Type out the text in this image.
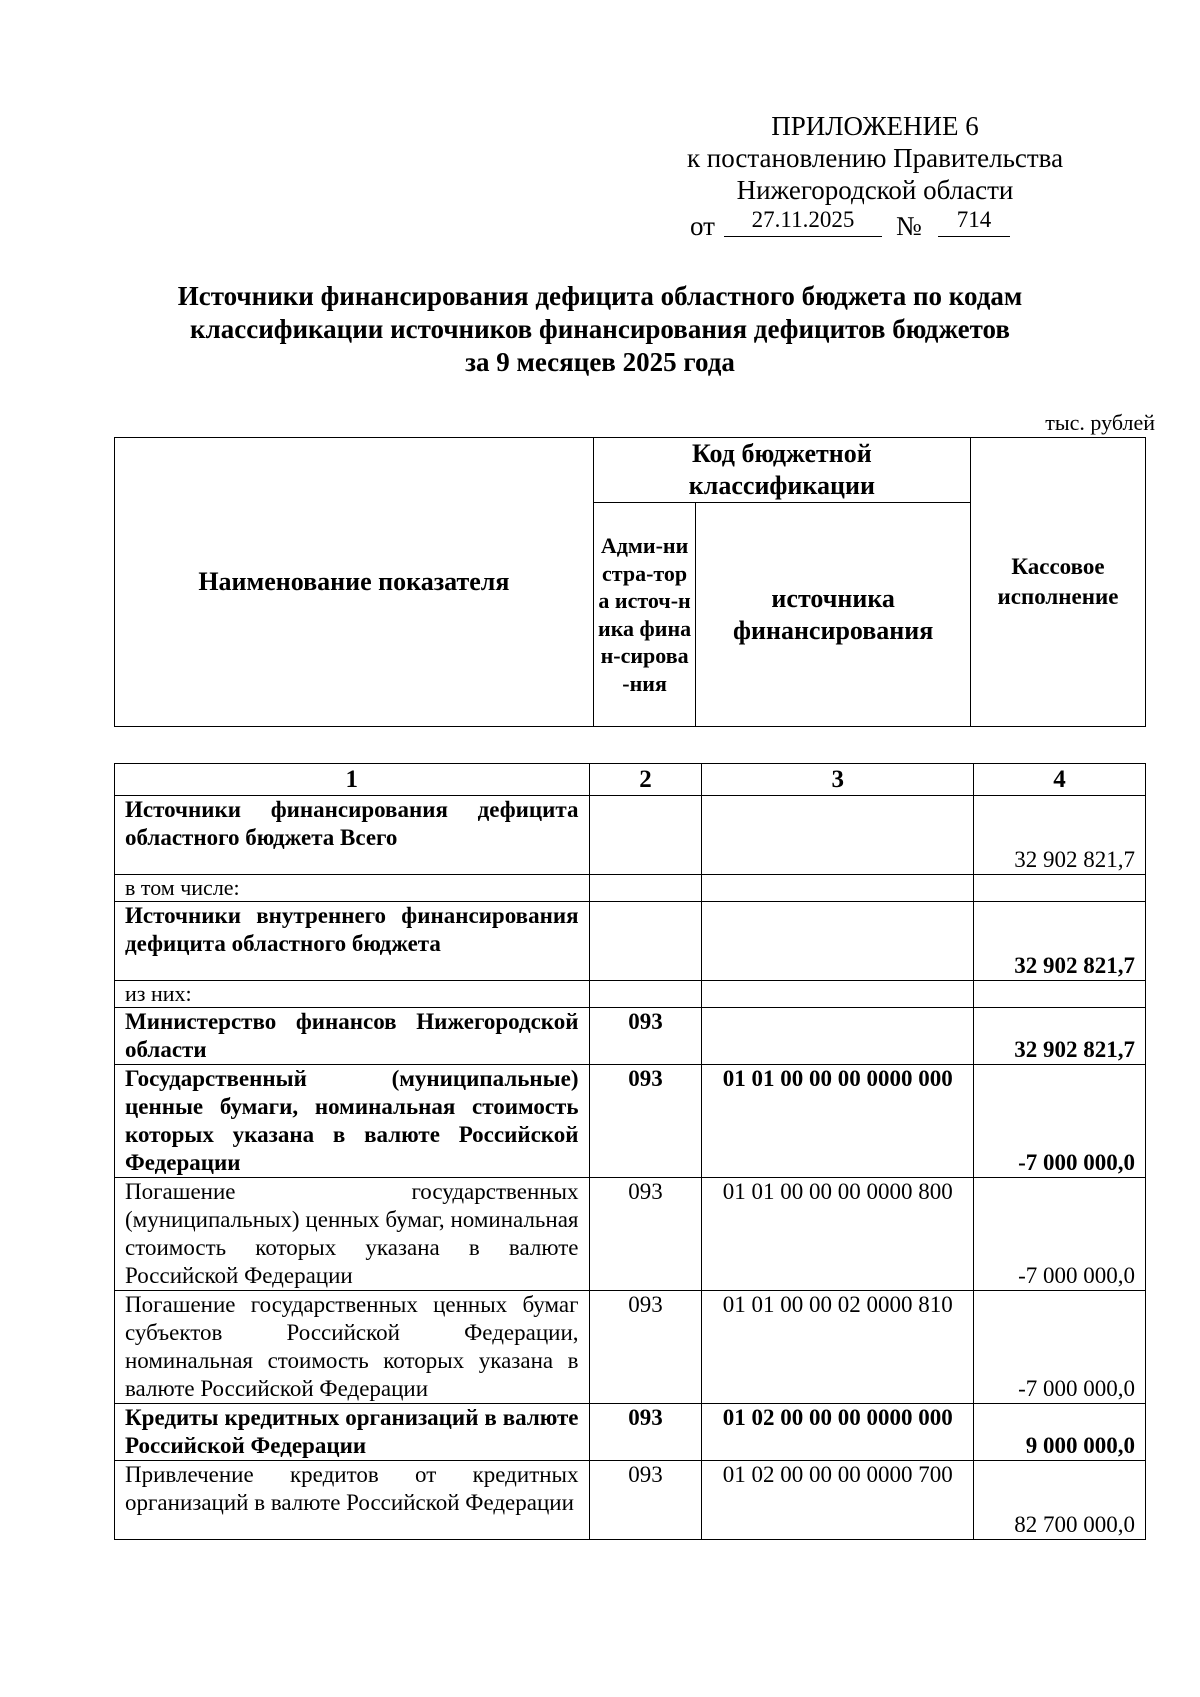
ПРИЛОЖЕНИЕ 6
к постановлению Правительства
Нижегородской области
от	27.11.2025	№	714
Источники финансирования дефицита областного бюджета по кодам
классификации источников финансирования дефицитов бюджетов
за 9 месяцев 2025 года
тыс. рублей
Наименование показателя	Код бюджетной классификации		Кассовое исполнение

	Адми-нистра-тора источ-ника финан-сирова-ния	источника финансирования	
1	2	3	4
Источники финансирования дефицита областного бюджета Всего			32 902 821,7
в том числе:			
Источники внутреннего финансирования дефицита областного бюджета			32 902 821,7
из них:			
Министерство финансов Нижегородской области	093		32 902 821,7
Государственный (муниципальные) ценные бумаги, номинальная стоимость которых указана в валюте Российской Федерации	093	01 01 00 00 00 0000 000	-7 000 000,0
Погашение государственных (муниципальных) ценных бумаг, номинальная стоимость которых указана в валюте Российской Федерации	093	01 01 00 00 00 0000 800	-7 000 000,0
Погашение государственных ценных бумаг субъектов Российской Федерации, номинальная стоимость которых указана в валюте Российской Федерации	093	01 01 00 00 02 0000 810	-7 000 000,0
Кредиты кредитных организаций в валюте Российской Федерации	093	01 02 00 00 00 0000 000	9 000 000,0
Привлечение кредитов от кредитных организаций в валюте Российской Федерации	093	01 02 00 00 00 0000 700	82 700 000,0
